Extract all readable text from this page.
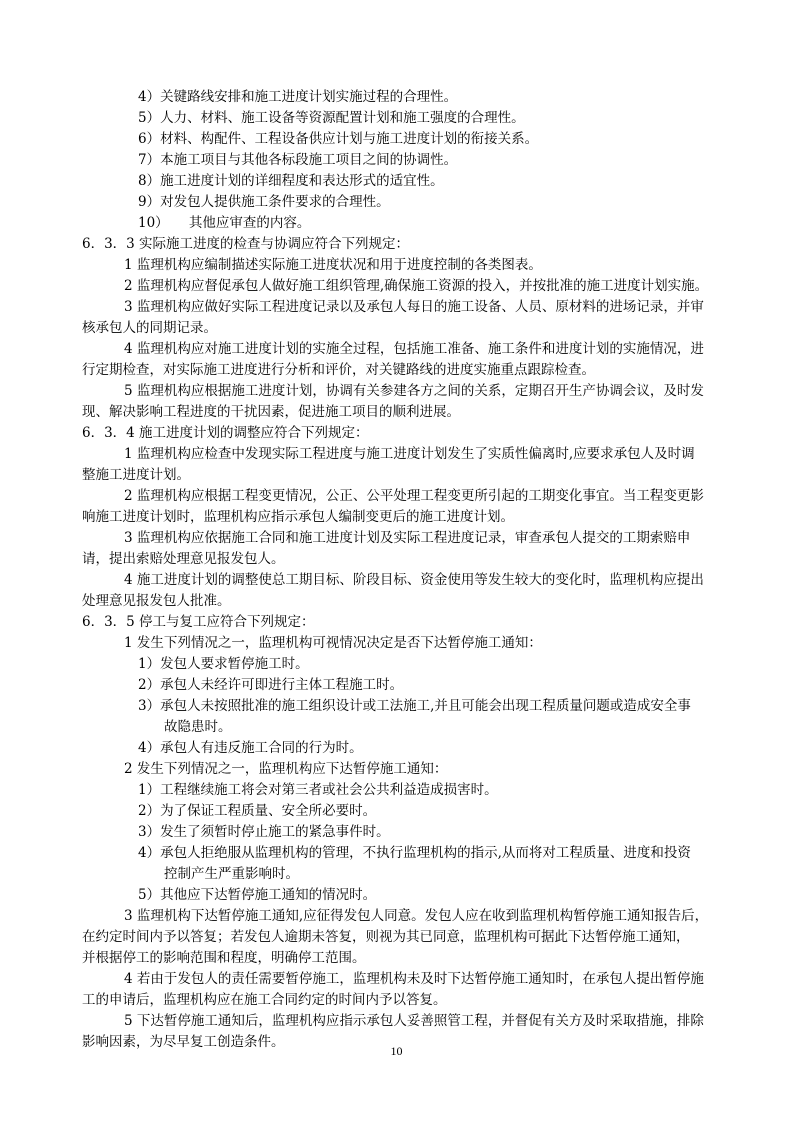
4）关键路线安排和施工进度计划实施过程的合理性。
5）人力、材料、施工设备等资源配置计划和施工强度的合理性。
6）材料、构配件、工程设备供应计划与施工进度计划的衔接关系。
7）本施工项目与其他各标段施工项目之间的协调性。
8）施工进度计划的详细程度和表达形式的适宜性。
9）对发包人提供施工条件要求的合理性。
10）　　其他应审查的内容。
6．3．3 实际施工进度的检查与协调应符合下列规定：
1 监理机构应编制描述实际施工进度状况和用于进度控制的各类图表。
2 监理机构应督促承包人做好施工组织管理,确保施工资源的投入，并按批准的施工进度计划实施。
3 监理机构应做好实际工程进度记录以及承包人每日的施工设备、人员、原材料的进场记录，并审
核承包人的同期记录。
4 监理机构应对施工进度计划的实施全过程，包括施工准备、施工条件和进度计划的实施情况，进
行定期检查，对实际施工进度进行分析和评价，对关键路线的进度实施重点跟踪检查。
5 监理机构应根据施工进度计划，协调有关参建各方之间的关系，定期召开生产协调会议，及时发
现、解决影响工程进度的干扰因素，促进施工项目的顺利进展。
6．3．4 施工进度计划的调整应符合下列规定：
1 监理机构应检查中发现实际工程进度与施工进度计划发生了实质性偏离时,应要求承包人及时调
整施工进度计划。
2 监理机构应根据工程变更情况，公正、公平处理工程变更所引起的工期变化事宜。当工程变更影
响施工进度计划时，监理机构应指示承包人编制变更后的施工进度计划。
3 监理机构应依据施工合同和施工进度计划及实际工程进度记录，审查承包人提交的工期索赔申
请，提出索赔处理意见报发包人。
4 施工进度计划的调整使总工期目标、阶段目标、资金使用等发生较大的变化时，监理机构应提出
处理意见报发包人批准。
6．3．5 停工与复工应符合下列规定：
1 发生下列情况之一，监理机构可视情况决定是否下达暂停施工通知：
1）发包人要求暂停施工时。
2）承包人未经许可即进行主体工程施工时。
3）承包人未按照批准的施工组织设计或工法施工,并且可能会出现工程质量问题或造成安全事
故隐患时。
4）承包人有违反施工合同的行为时。
2 发生下列情况之一，监理机构应下达暂停施工通知：
1）工程继续施工将会对第三者或社会公共利益造成损害时。
2）为了保证工程质量、安全所必要时。
3）发生了须暂时停止施工的紧急事件时。
4）承包人拒绝服从监理机构的管理，不执行监理机构的指示,从而将对工程质量、进度和投资
控制产生严重影响时。
5）其他应下达暂停施工通知的情况时。
3 监理机构下达暂停施工通知,应征得发包人同意。发包人应在收到监理机构暂停施工通知报告后，
在约定时间内予以答复；若发包人逾期未答复，则视为其已同意，监理机构可据此下达暂停施工通知，
并根据停工的影响范围和程度，明确停工范围。
4 若由于发包人的责任需要暂停施工，监理机构未及时下达暂停施工通知时，在承包人提出暂停施
工的申请后，监理机构应在施工合同约定的时间内予以答复。
5 下达暂停施工通知后，监理机构应指示承包人妥善照管工程，并督促有关方及时采取措施，排除
影响因素，为尽早复工创造条件。
10
